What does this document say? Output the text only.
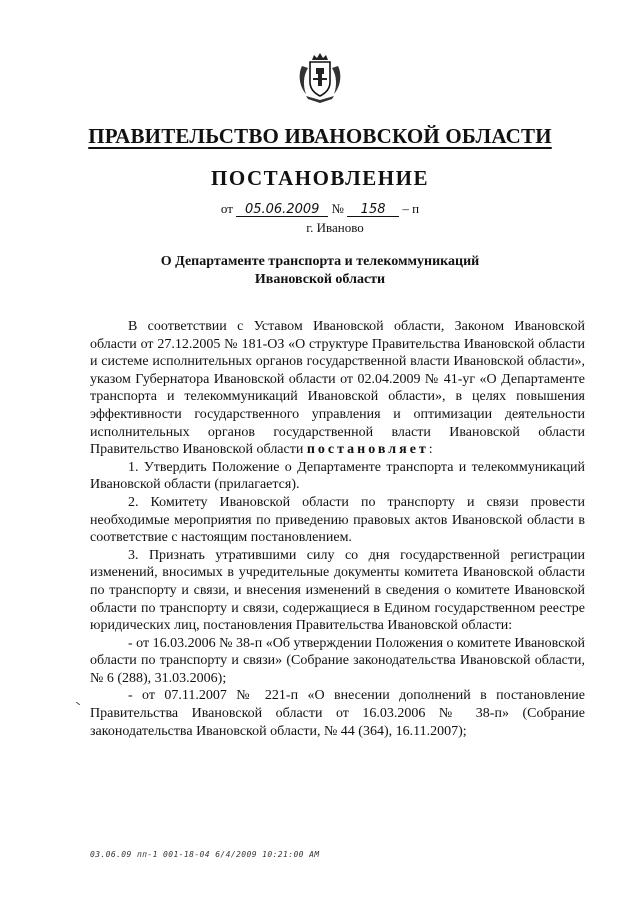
ПРАВИТЕЛЬСТВО ИВАНОВСКОЙ ОБЛАСТИ
ПОСТАНОВЛЕНИЕ
от 05.06.2009 № 158 – п
г. Иваново
О Департаменте транспорта и телекоммуникаций
Ивановской области

В соответствии с Уставом Ивановской области, Законом Ивановской области от 27.12.2005 № 181-ОЗ «О структуре Правительства Ивановской области и системе исполнительных органов государственной власти Ивановской области», указом Губернатора Ивановской области от 02.04.2009 № 41-уг «О Департаменте транспорта и телекоммуникаций Ивановской области», в целях повышения эффективности государственного управления и оптимизации деятельности исполнительных органов государственной власти Ивановской области Правительство Ивановской области постановляет:

1. Утвердить Положение о Департаменте транспорта и телекоммуникаций Ивановской области (прилагается).

2. Комитету Ивановской области по транспорту и связи провести необходимые мероприятия по приведению правовых актов Ивановской области в соответствие с настоящим постановлением.

3. Признать утратившими силу со дня государственной регистрации изменений, вносимых в учредительные документы комитета Ивановской области по транспорту и связи, и внесения изменений в сведения о комитете Ивановской области по транспорту и связи, содержащиеся в Едином государственном реестре юридических лиц, постановления Правительства Ивановской области:

- от 16.03.2006 № 38-п «Об утверждении Положения о комитете Ивановской области по транспорту и связи» (Собрание законодательства Ивановской области, № 6 (288), 31.03.2006);

- от 07.11.2007 № 221-п «О внесении дополнений в постановление Правительства Ивановской области от 16.03.2006 № 38-п» (Собрание законодательства Ивановской области, № 44 (364), 16.11.2007);

03.06.09 пп-1 001-18-04 6/4/2009 10:21:00 AM
